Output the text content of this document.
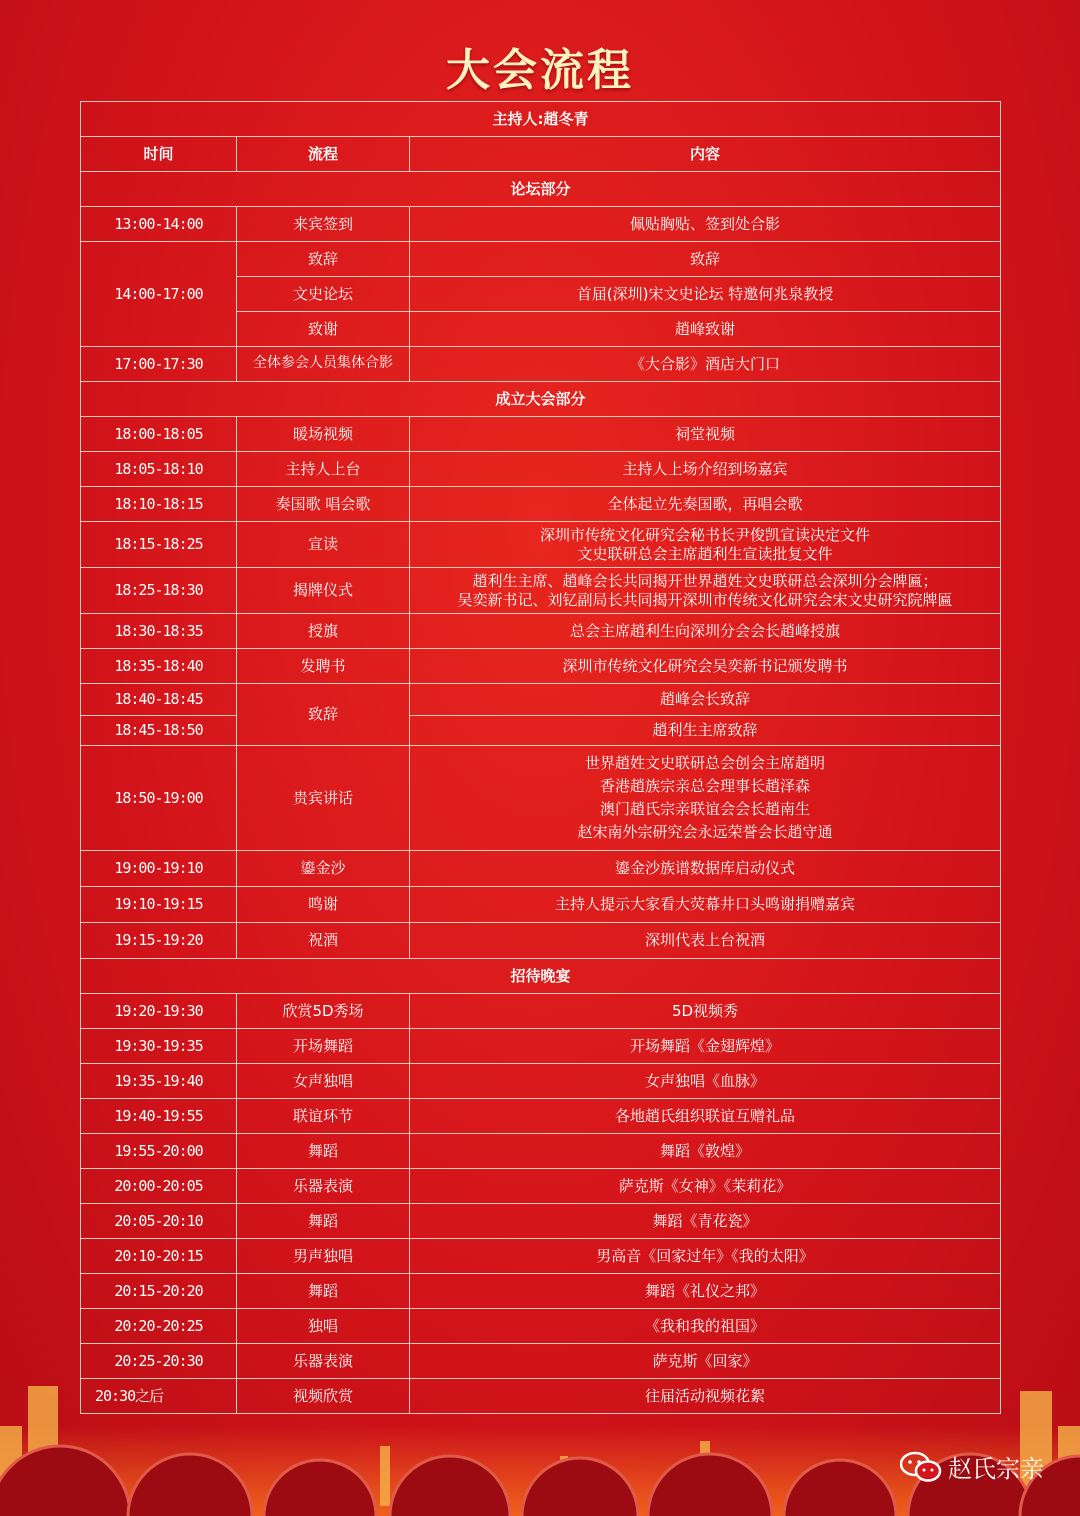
大会流程
主持人:趙冬青		
时间	流程	内容
论坛部分		
13:00-14:00	来宾签到	佩贴胸贴、签到处合影
14:00-17:00	致辞	致辞
	文史论坛	首届(深圳)宋文史论坛 特邀何兆泉教授
	致谢	趙峰致谢
17:00-17:30	全体参会人员集体合影	《大合影》酒店大门口
成立大会部分		
18:00-18:05	暖场视频	祠堂视频
18:05-18:10	主持人上台	主持人上场介绍到场嘉宾
18:10-18:15	奏国歌 唱会歌	全体起立先奏国歌，再唱会歌
18:15-18:25	宣读	深圳市传统文化研究会秘书长尹俊凯宣读决定文件
文史联研总会主席趙利生宣读批复文件

18:25-18:30	揭牌仪式	趙利生主席、趙峰会长共同揭开世界趙姓文史联研总会深圳分会牌匾；
吴奕新书记、刘钇副局长共同揭开深圳市传统文化研究会宋文史研究院牌匾

18:30-18:35	授旗	总会主席趙利生向深圳分会会长趙峰授旗
18:35-18:40	发聘书	深圳市传统文化研究会吴奕新书记颁发聘书
18:40-18:45	致辞	趙峰会长致辞
18:45-18:50		趙利生主席致辞
18:50-19:00	贵宾讲话	世界趙姓文史联研总会创会主席趙明
香港趙族宗亲总会理事长趙泽森
澳门趙氏宗亲联谊会会长趙南生
赵宋南外宗研究会永远荣誉会长趙守通

19:00-19:10	鎏金沙	鎏金沙族谱数据库启动仪式
19:10-19:15	鸣谢	主持人提示大家看大荧幕井口头鸣谢捐赠嘉宾
19:15-19:20	祝酒	深圳代表上台祝酒
招待晚宴		
19:20-19:30	欣赏5D秀场	5D视频秀
19:30-19:35	开场舞蹈	开场舞蹈《金翅辉煌》
19:35-19:40	女声独唱	女声独唱《血脉》
19:40-19:55	联谊环节	各地趙氏组织联谊互赠礼品
19:55-20:00	舞蹈	舞蹈《敦煌》
20:00-20:05	乐器表演	萨克斯《女神》《茉莉花》
20:05-20:10	舞蹈	舞蹈《青花瓷》
20:10-20:15	男声独唱	男高音《回家过年》《我的太阳》
20:15-20:20	舞蹈	舞蹈《礼仪之邦》
20:20-20:25	独唱	《我和我的祖国》
20:25-20:30	乐器表演	萨克斯《回家》
20:30之后	视频欣赏	往届活动视频花絮
赵氏宗亲
